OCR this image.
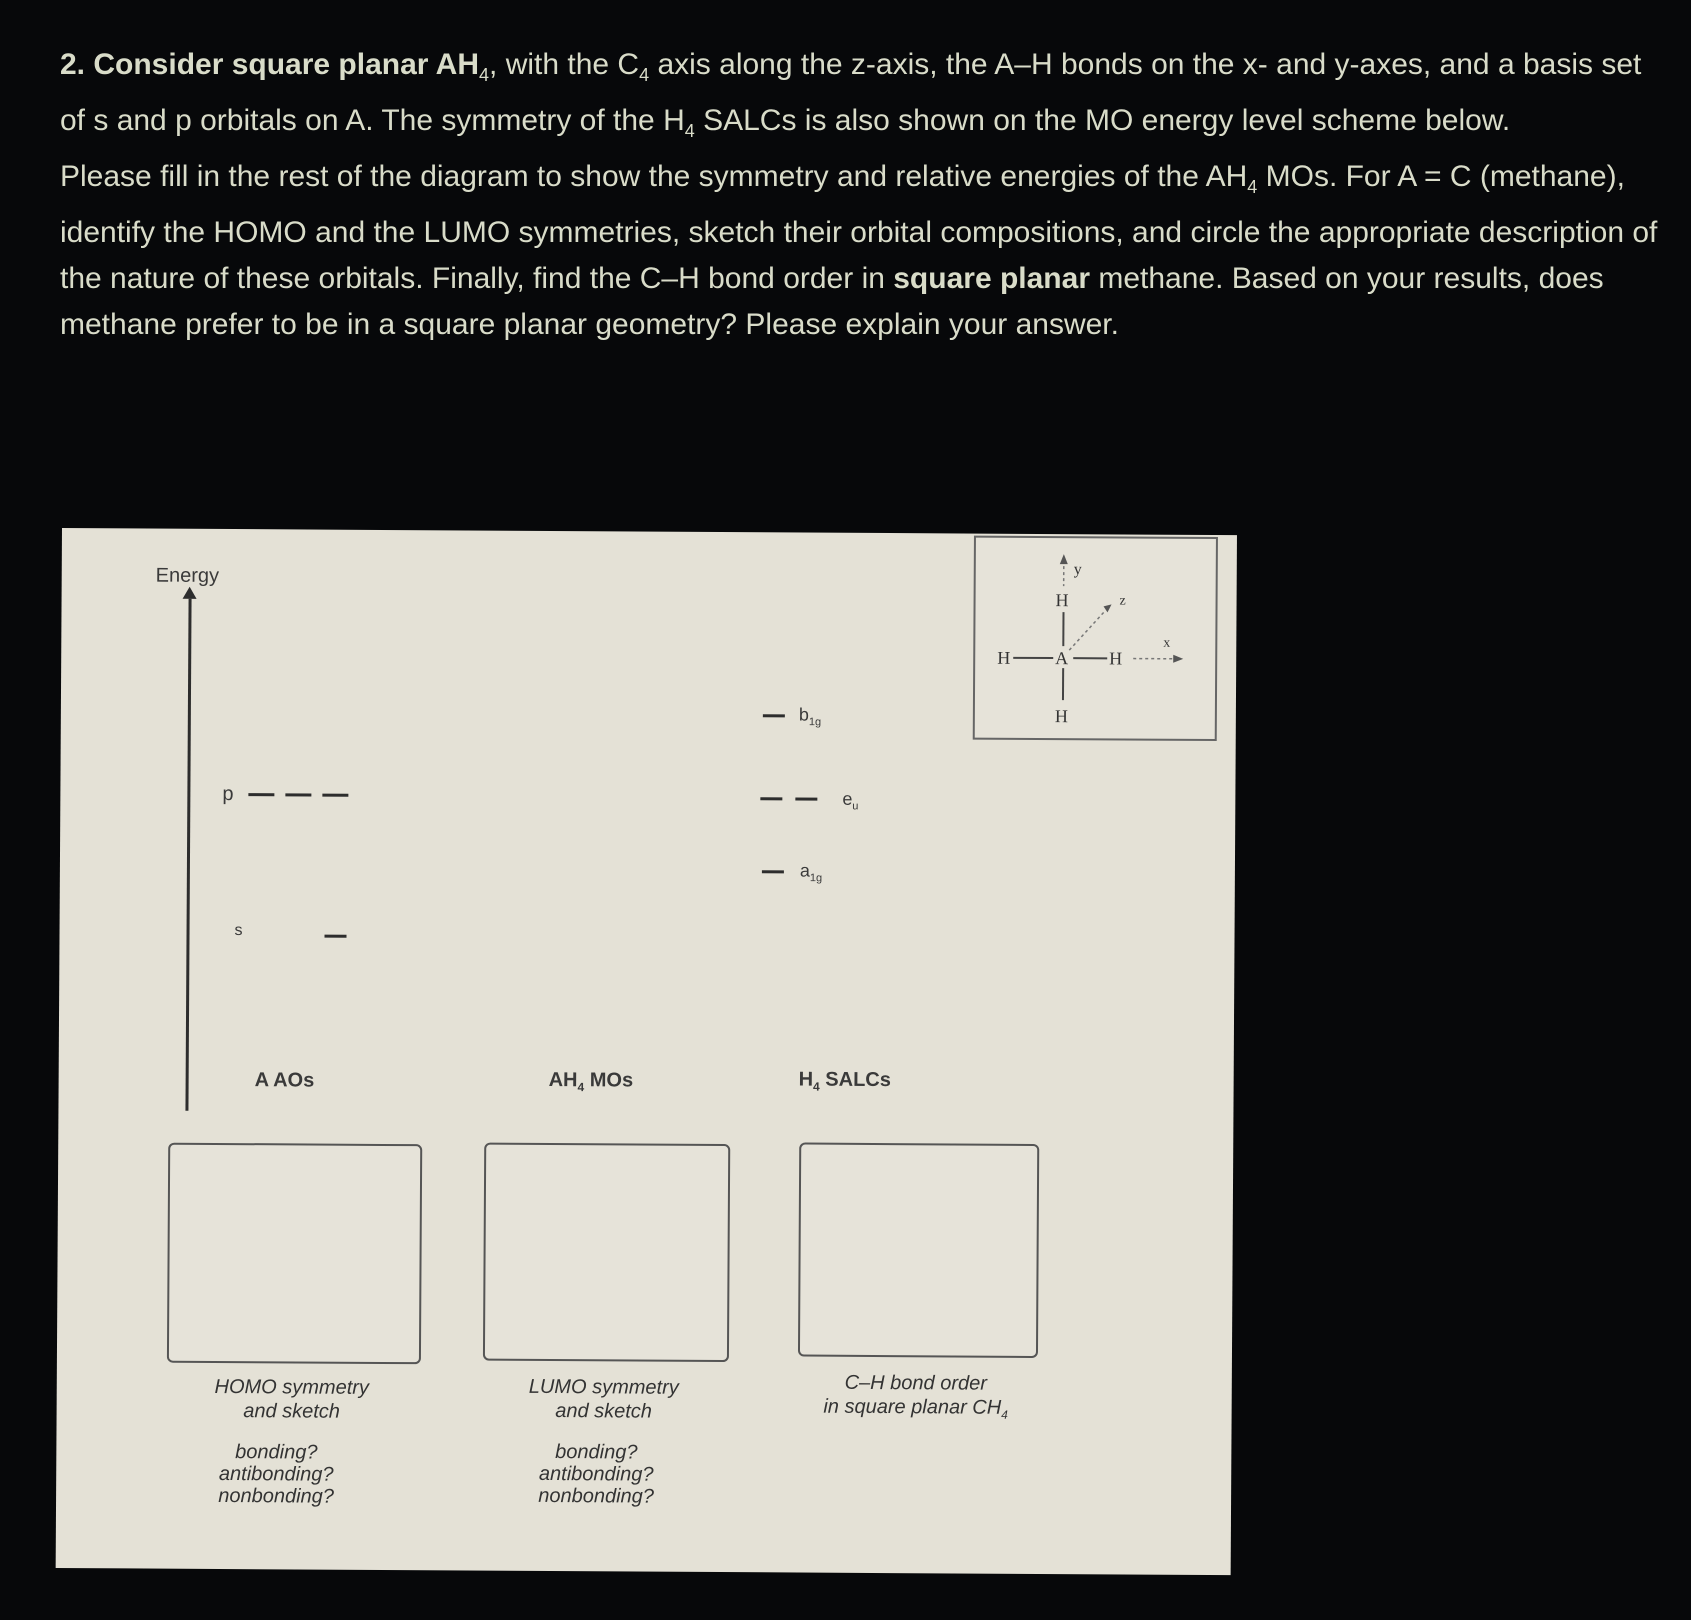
2. Consider square planar $AH_4$, with the $C_4$ axis along the z-axis, the A–H bonds on the x- and y-axes, and a basis set of s and p orbitals on A. The symmetry of the $H_4$ SALCs is also shown on the MO energy level scheme below.

Please fill in the rest of the diagram to show the symmetry and relative energies of the $AH_4$ MOs. For A = C (methane), identify the HOMO and the LUMO symmetries, sketch their orbital compositions, and circle the appropriate description of the nature of these orbitals. Finally, find the C–H bond order in square planar methane. Based on your results, does methane prefer to be in a square planar geometry? Please explain your answer.

Energy
p
s
$b_{1g}$
$e_u$
$a_{1g}$
A AOs	$AH_4$ MOs	$H_4$ SALCs
y
H	z
H A H
x
H
HOMO symmetry
and sketch
LUMO symmetry
and sketch
C–H bond order
in square planar $CH_4$
bonding?
antibonding?
nonbonding?
bonding?
antibonding?
nonbonding?
